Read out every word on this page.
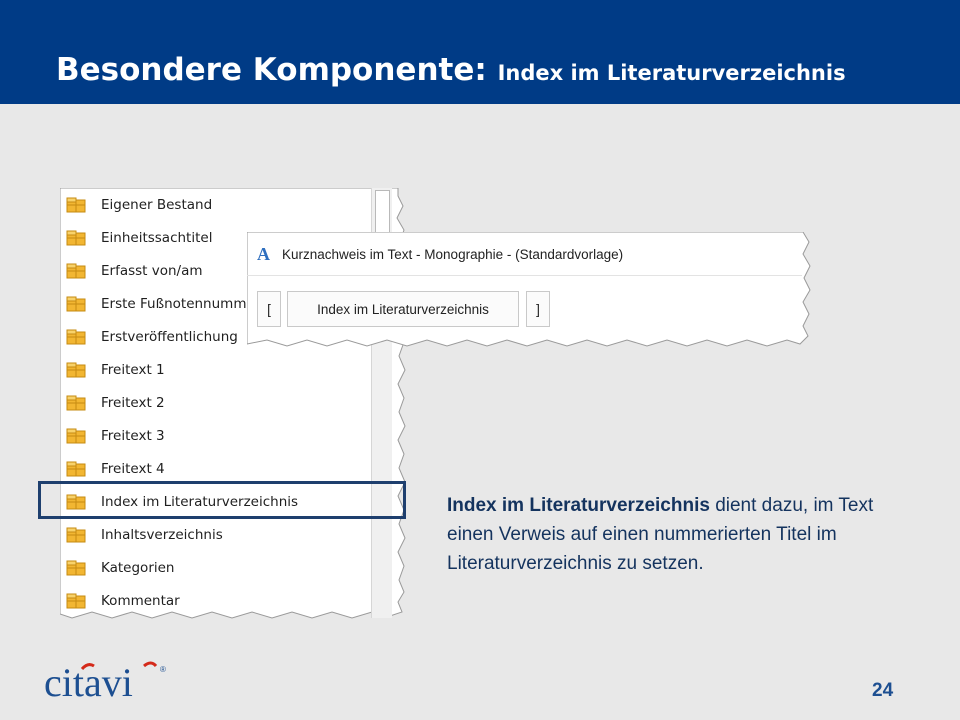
Besondere Komponente: Index im Literaturverzeichnis
Eigener Bestand
Einheitssachtitel
Erfasst von/am
Erste Fußnotennumm
Erstveröffentlichung
Freitext 1
Freitext 2
Freitext 3
Freitext 4
Index im Literaturverzeichnis
Inhaltsverzeichnis
Kategorien
Kommentar
A Kurznachweis im Text - Monographie - (Standardvorlage)
[	Index im Literaturverzeichnis	]

Index im Literaturverzeichnis dient dazu, im Text einen Verweis auf einen nummerierten Titel im Literaturverzeichnis zu setzen.

citavi	®
24
